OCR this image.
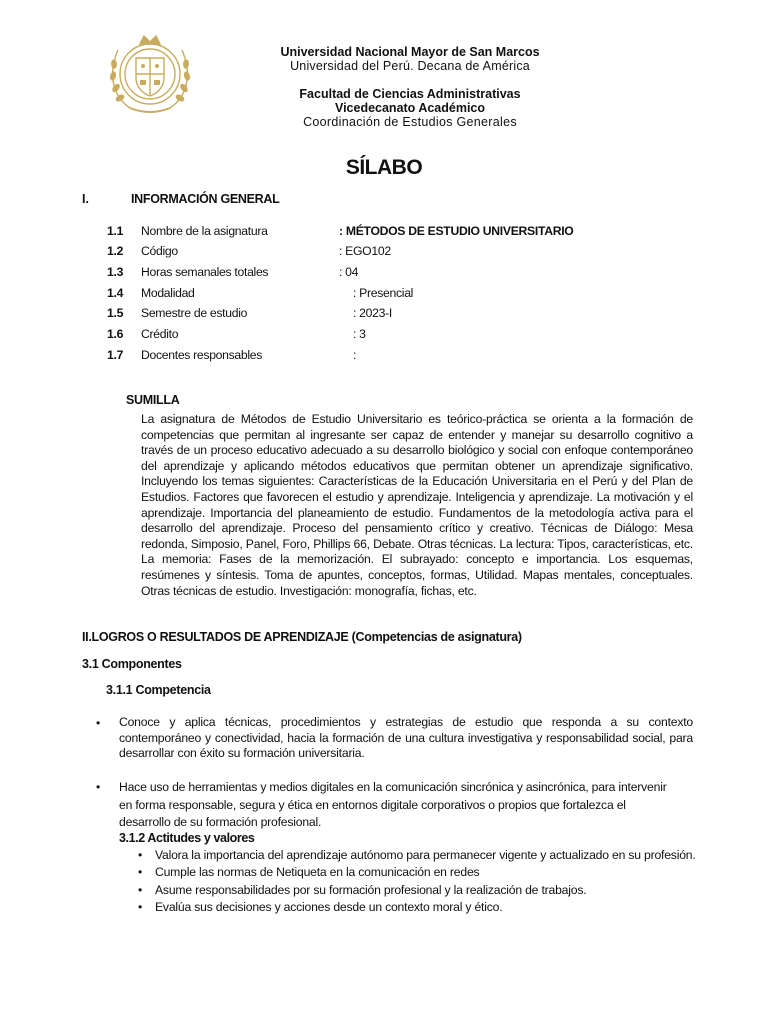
Universidad Nacional Mayor de San Marcos
Universidad del Perú. Decana de América
Facultad de Ciencias Administrativas
Vicedecanato Académico
Coordinación de Estudios Generales
SÍLABO
I.	INFORMACIÓN GENERAL
1.1 Nombre de la asignatura	: MÉTODOS DE ESTUDIO UNIVERSITARIO
1.2 Código	: EGO102
1.3 Horas semanales totales	: 04
1.4 Modalidad	: Presencial
1.5 Semestre de estudio	: 2023-I
1.6 Crédito	: 3
1.7 Docentes responsables	:
SUMILLA
La asignatura de Métodos de Estudio Universitario es teórico-práctica se orienta a la formación de competencias que permitan al ingresante ser capaz de entender y manejar su desarrollo cognitivo a través de un proceso educativo adecuado a su desarrollo biológico y social con enfoque contemporáneo del aprendizaje y aplicando métodos educativos que permitan obtener un aprendizaje significativo. Incluyendo los temas siguientes: Características de la Educación Universitaria en el Perú y del Plan de Estudios. Factores que favorecen el estudio y aprendizaje. Inteligencia y aprendizaje. La motivación y el aprendizaje. Importancia del planeamiento de estudio. Fundamentos de la metodología activa para el desarrollo del aprendizaje. Proceso del pensamiento crítico y creativo. Técnicas de Diálogo: Mesa redonda, Simposio, Panel, Foro, Phillips 66, Debate. Otras técnicas. La lectura: Tipos, características, etc. La memoria: Fases de la memorización. El subrayado: concepto e importancia. Los esquemas, resúmenes y síntesis. Toma de apuntes, conceptos, formas, Utilidad. Mapas mentales, conceptuales. Otras técnicas de estudio. Investigación: monografía, fichas, etc.
II.LOGROS O RESULTADOS DE APRENDIZAJE (Competencias de asignatura)
3.1 Componentes
3.1.1 Competencia
• Conoce y aplica técnicas, procedimientos y estrategias de estudio que responda a su contexto contemporáneo y conectividad, hacia la formación de una cultura investigativa y responsabilidad social, para desarrollar con éxito su formación universitaria.
• Hace uso de herramientas y medios digitales en la comunicación sincrónica y asincrónica, para intervenir
en forma responsable, segura y ética en entornos digitale corporativos o propios que fortalezca el
desarrollo de su formación profesional.
3.1.2 Actitudes y valores
• Valora la importancia del aprendizaje autónomo para permanecer vigente y actualizado en su profesión.
• Cumple las normas de Netiqueta en la comunicación en redes
• Asume responsabilidades por su formación profesional y la realización de trabajos.
• Evalúa sus decisiones y acciones desde un contexto moral y ético.
